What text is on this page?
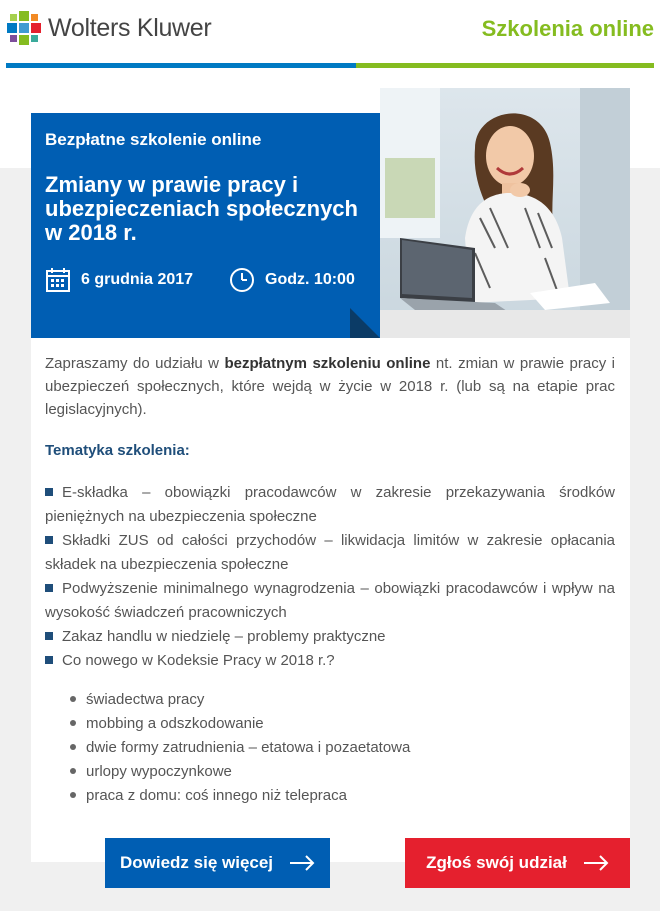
Wolters Kluwer	Szkolenia online
Bezpłatne szkolenie online
Zmiany w prawie pracy i ubezpieczeniach społecznych w 2018 r.
6 grudnia 2017	Godz. 10:00
Zapraszamy do udziału w bezpłatnym szkoleniu online nt. zmian w prawie pracy i ubezpieczeń społecznych, które wejdą w życie w 2018 r. (lub są na etapie prac legislacyjnych).
Tematyka szkolenia:
E-składka – obowiązki pracodawców w zakresie przekazywania środków pieniężnych na ubezpieczenia społeczne
Składki ZUS od całości przychodów – likwidacja limitów w zakresie opłacania składek na ubezpieczenia społeczne
Podwyższenie minimalnego wynagrodzenia – obowiązki pracodawców i wpływ na wysokość świadczeń pracowniczych
Zakaz handlu w niedzielę – problemy praktyczne
Co nowego w Kodeksie Pracy w 2018 r.?
świadectwa pracy
mobbing a odszkodowanie
dwie formy zatrudnienia – etatowa i pozaetatowa
urlopy wypoczynkowe
praca z domu: coś innego niż telepraca
Dowiedz się więcej	Zgłoś swój udział
